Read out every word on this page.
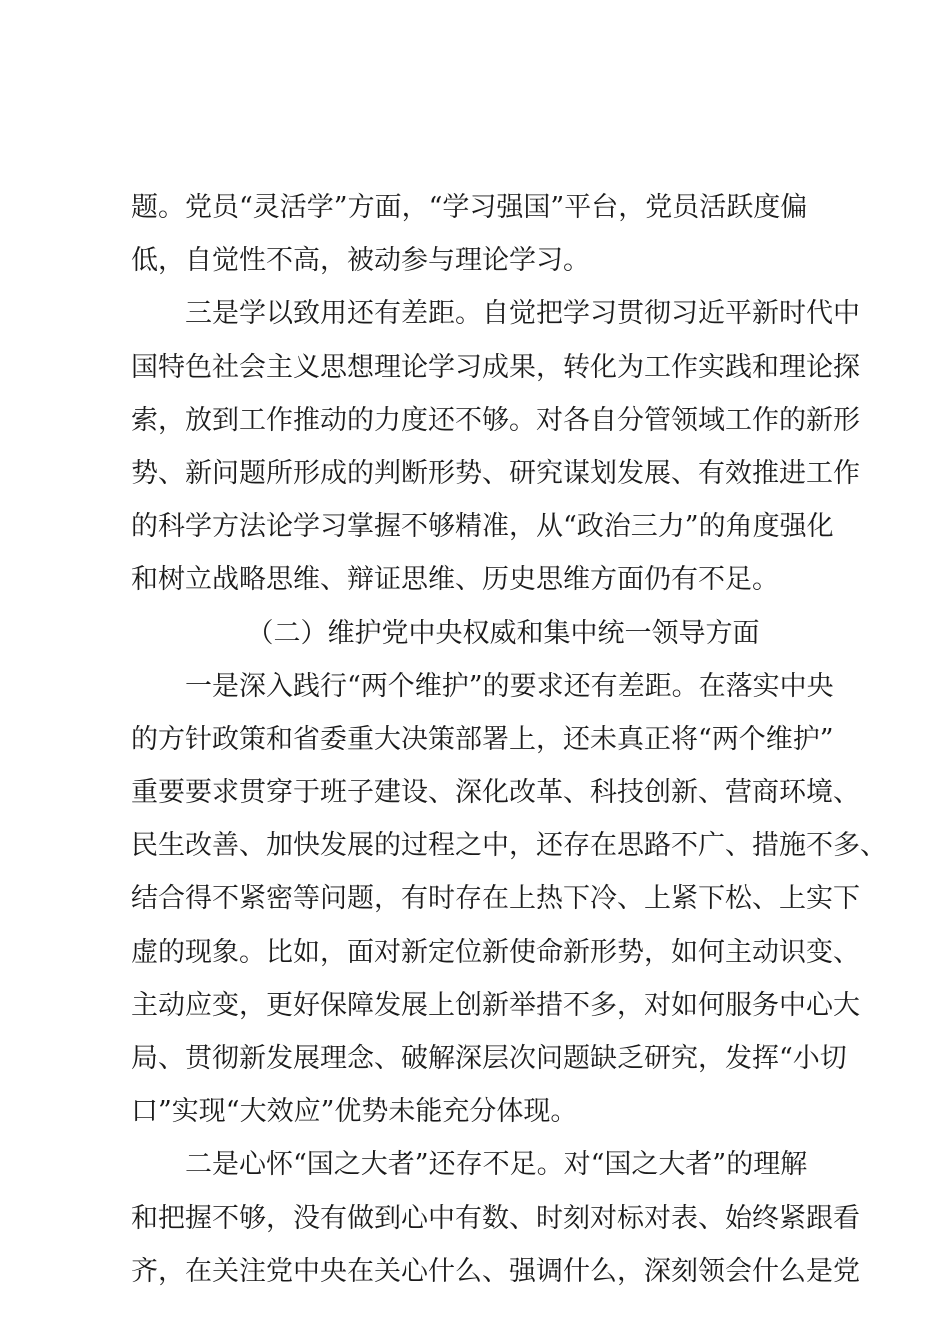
题。党员“灵活学”方面，“学习强国”平台，党员活跃度偏
低，自觉性不高，被动参与理论学习。
三是学以致用还有差距。自觉把学习贯彻习近平新时代中
国特色社会主义思想理论学习成果，转化为工作实践和理论探
索，放到工作推动的力度还不够。对各自分管领域工作的新形
势、新问题所形成的判断形势、研究谋划发展、有效推进工作
的科学方法论学习掌握不够精准，从“政治三力”的角度强化
和树立战略思维、辩证思维、历史思维方面仍有不足。
（二）维护党中央权威和集中统一领导方面
一是深入践行“两个维护”的要求还有差距。在落实中央
的方针政策和省委重大决策部署上，还未真正将“两个维护”
重要要求贯穿于班子建设、深化改革、科技创新、营商环境、
民生改善、加快发展的过程之中，还存在思路不广、措施不多、
结合得不紧密等问题，有时存在上热下冷、上紧下松、上实下
虚的现象。比如，面对新定位新使命新形势，如何主动识变、
主动应变，更好保障发展上创新举措不多，对如何服务中心大
局、贯彻新发展理念、破解深层次问题缺乏研究，发挥“小切
口”实现“大效应”优势未能充分体现。
二是心怀“国之大者”还存不足。对“国之大者”的理解
和把握不够，没有做到心中有数、时刻对标对表、始终紧跟看
齐，在关注党中央在关心什么、强调什么，深刻领会什么是党
